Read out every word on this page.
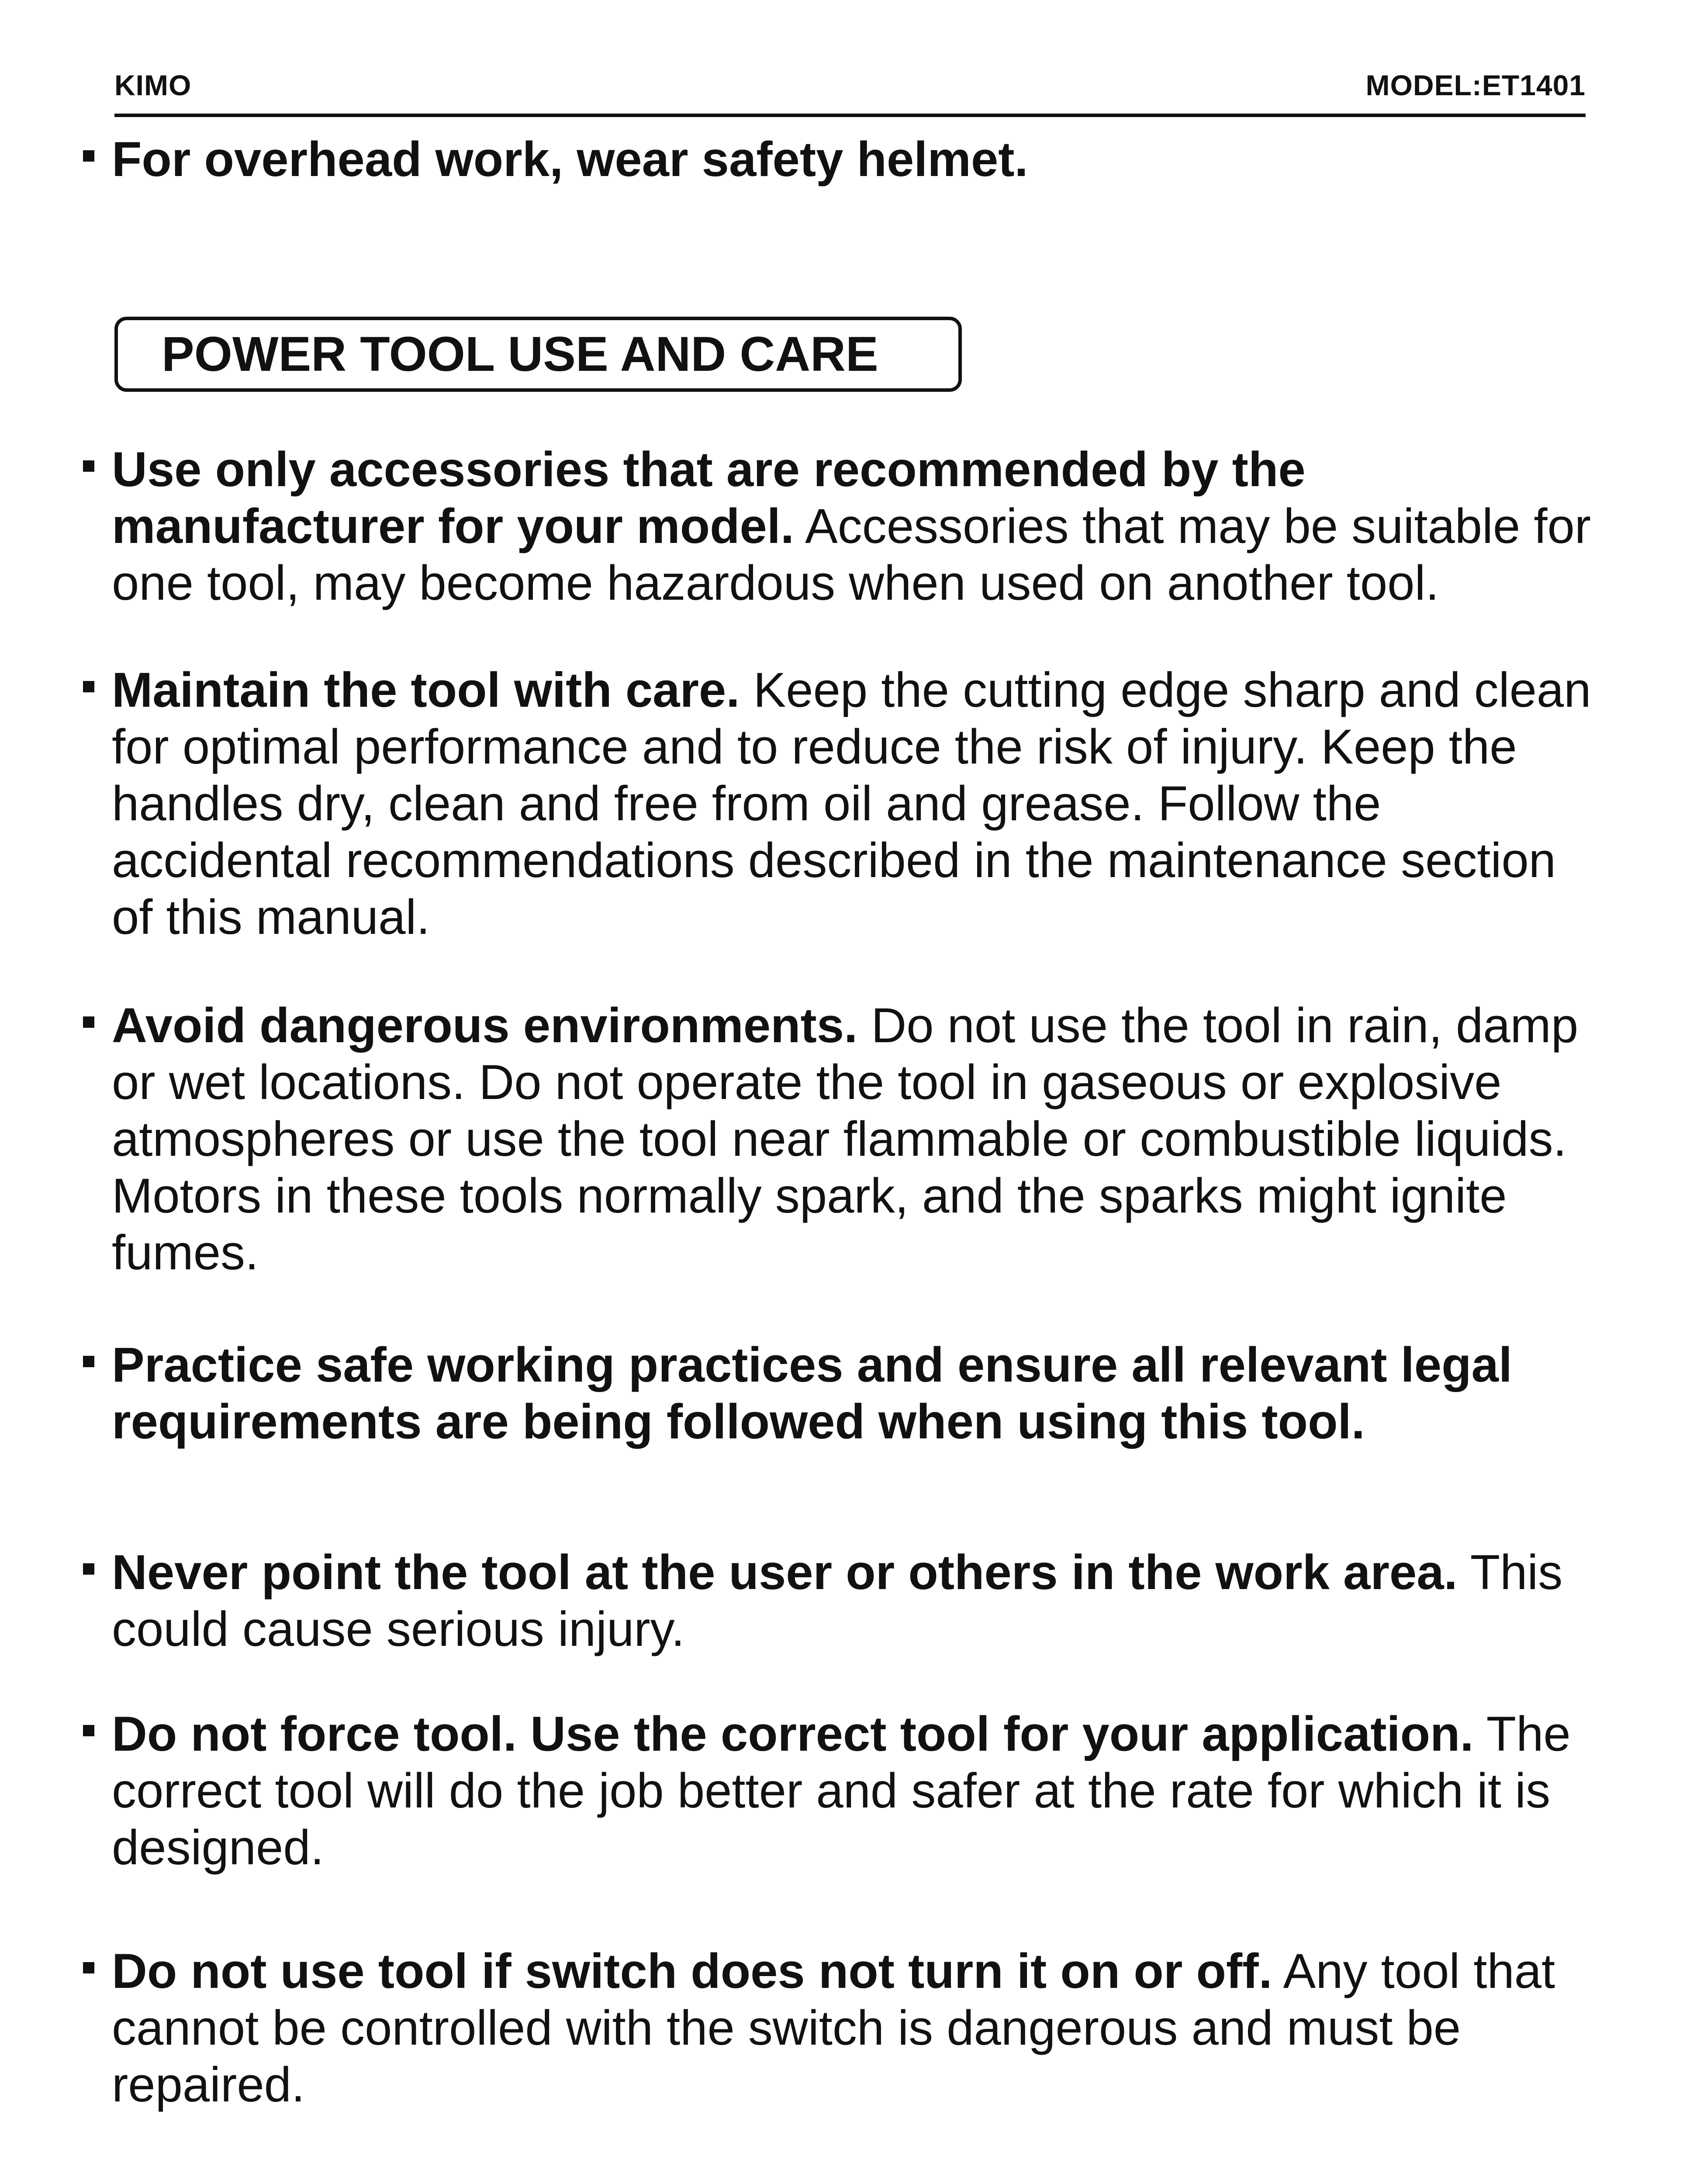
KIMO	MODEL:ET1401
For overhead work, wear safety helmet.
POWER TOOL USE AND CARE
Use only accessories that are recommended by the manufacturer for your model. Accessories that may be suitable for one tool, may become hazardous when used on another tool.
Maintain the tool with care. Keep the cutting edge sharp and clean for optimal performance and to reduce the risk of injury. Keep the handles dry, clean and free from oil and grease. Follow the accidental recommendations described in the maintenance section of this manual.
Avoid dangerous environments. Do not use the tool in rain, damp or wet locations. Do not operate the tool in gaseous or explosive atmospheres or use the tool near flammable or combustible liquids. Motors in these tools normally spark, and the sparks might ignite fumes.
Practice safe working practices and ensure all relevant legal requirements are being followed when using this tool.
Never point the tool at the user or others in the work area. This could cause serious injury.
Do not force tool. Use the correct tool for your application. The correct tool will do the job better and safer at the rate for which it is designed.
Do not use tool if switch does not turn it on or off. Any tool that cannot be controlled with the switch is dangerous and must be repaired.
